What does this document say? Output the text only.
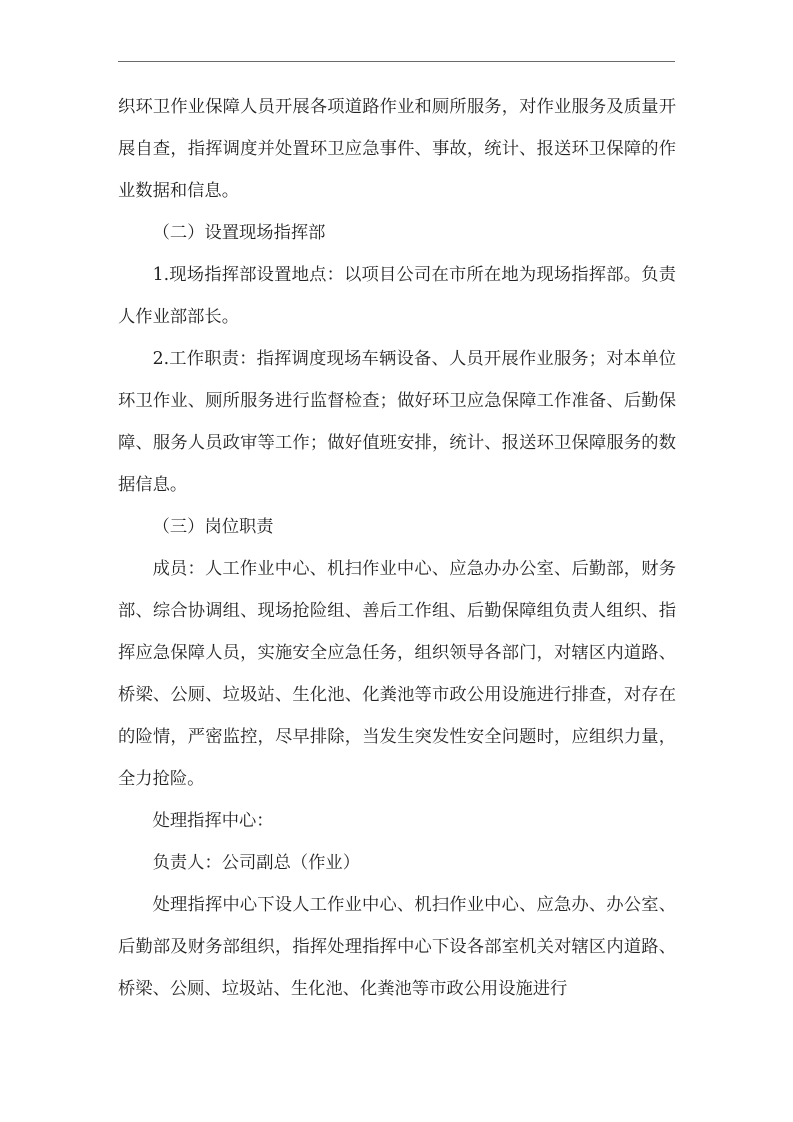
织环卫作业保障人员开展各项道路作业和厕所服务，对作业服务及质量开展自查，指挥调度并处置环卫应急事件、事故，统计、报送环卫保障的作业数据和信息。

（二）设置现场指挥部

1.现场指挥部设置地点：以项目公司在市所在地为现场指挥部。负责人作业部部长。

2.工作职责：指挥调度现场车辆设备、人员开展作业服务；对本单位环卫作业、厕所服务进行监督检查；做好环卫应急保障工作准备、后勤保障、服务人员政审等工作；做好值班安排，统计、报送环卫保障服务的数据信息。

（三）岗位职责

成员：人工作业中心、机扫作业中心、应急办办公室、后勤部，财务部、综合协调组、现场抢险组、善后工作组、后勤保障组负责人组织、指挥应急保障人员，实施安全应急任务，组织领导各部门，对辖区内道路、桥梁、公厕、垃圾站、生化池、化粪池等市政公用设施进行排查，对存在的险情，严密监控，尽早排除，当发生突发性安全问题时，应组织力量，全力抢险。

处理指挥中心：

负责人：公司副总（作业）

处理指挥中心下设人工作业中心、机扫作业中心、应急办、办公室、后勤部及财务部组织，指挥处理指挥中心下设各部室机关对辖区内道路、桥梁、公厕、垃圾站、生化池、化粪池等市政公用设施进行
